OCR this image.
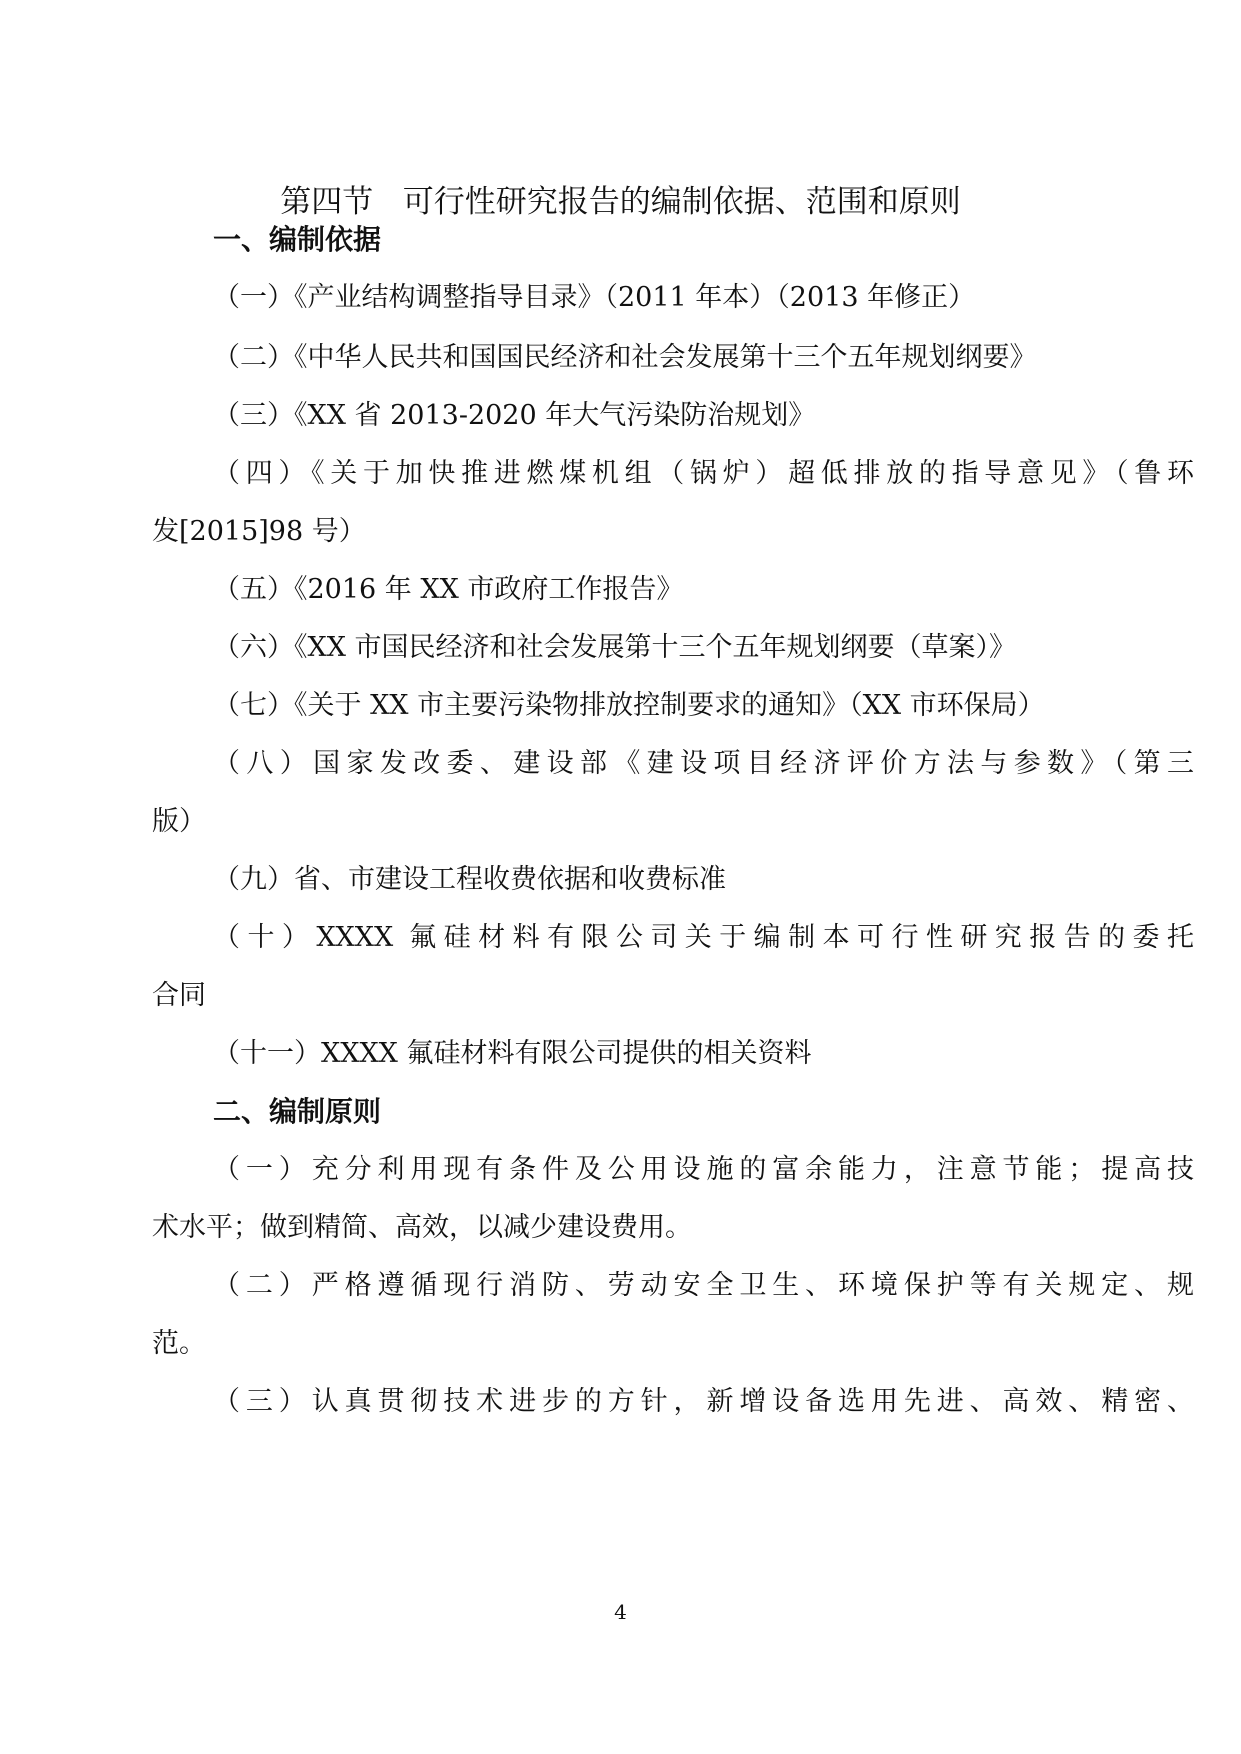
第四节   可行性研究报告的编制依据、范围和原则
一、编制依据
（一）《产业结构调整指导目录》（2011 年本）（2013 年修正）
（二）《中华人民共和国国民经济和社会发展第十三个五年规划纲要》
（三）《XX 省 2013-2020 年大气污染防治规划》
（四）《关于加快推进燃煤机组（锅炉）超低排放的指导意见》（鲁环
发[2015]98 号）
（五）《2016 年 XX 市政府工作报告》
（六）《XX 市国民经济和社会发展第十三个五年规划纲要（草案）》
（七）《关于 XX 市主要污染物排放控制要求的通知》（XX 市环保局）
（八）国家发改委、建设部《建设项目经济评价方法与参数》（第三
版）
（九）省、市建设工程收费依据和收费标准
（十）XXXX 氟硅材料有限公司关于编制本可行性研究报告的委托
合同
（十一）XXXX 氟硅材料有限公司提供的相关资料
二、编制原则
（一）充分利用现有条件及公用设施的富余能力，注意节能；提高技
术水平；做到精简、高效，以减少建设费用。
（二）严格遵循现行消防、劳动安全卫生、环境保护等有关规定、规
范。
（三）认真贯彻技术进步的方针，新增设备选用先进、高效、精密、
4
